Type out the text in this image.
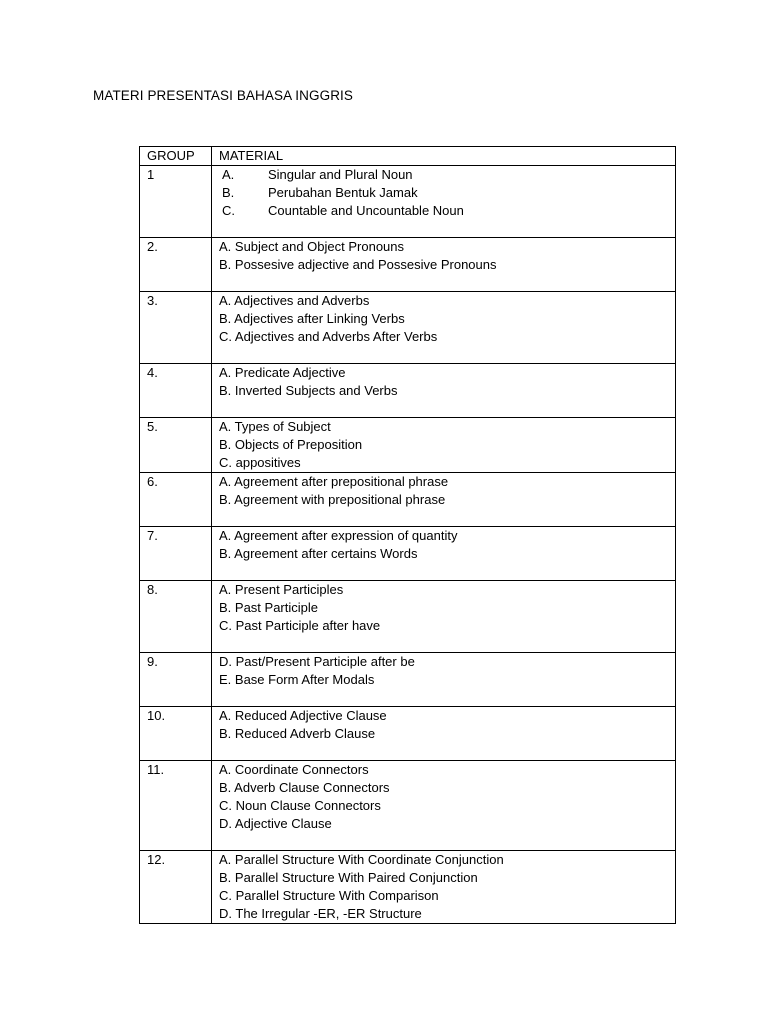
MATERI PRESENTASI BAHASA INGGRIS
GROUP	MATERIAL
1	A. Singular and Plural Noun
B. Perubahan Bentuk Jamak
C. Countable and Uncountable Noun

2.	A. Subject and Object Pronouns
B. Possesive adjective and Possesive Pronouns

3.	A. Adjectives and Adverbs
B. Adjectives after Linking Verbs
C. Adjectives and Adverbs After Verbs

4.	A. Predicate Adjective
B. Inverted Subjects and Verbs

5.	A. Types of Subject
B. Objects of Preposition
C. appositives

6.	A. Agreement after prepositional phrase
B. Agreement with prepositional phrase

7.	A. Agreement after expression of quantity
B. Agreement after certains Words

8.	A. Present Participles
B. Past Participle
C. Past Participle after have

9.	D. Past/Present Participle after be
E. Base Form After Modals

10.	A. Reduced Adjective Clause
B. Reduced Adverb Clause

11.	A. Coordinate Connectors
B. Adverb Clause Connectors
C. Noun Clause Connectors
D. Adjective Clause

12.	A. Parallel Structure With Coordinate Conjunction
B. Parallel Structure With Paired Conjunction
C. Parallel Structure With Comparison
D. The Irregular -ER, -ER Structure
